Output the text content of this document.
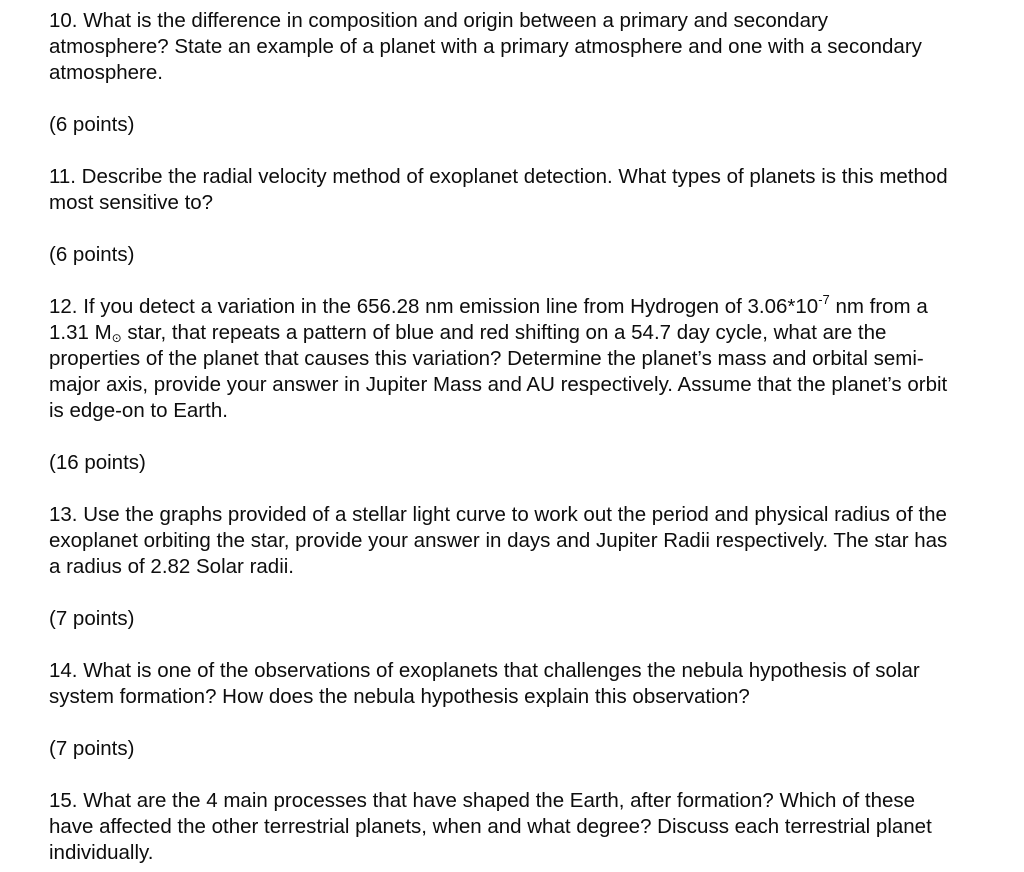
10. What is the difference in composition and origin between a primary and secondary atmosphere? State an example of a planet with a primary atmosphere and one with a secondary atmosphere.

(6 points)

11. Describe the radial velocity method of exoplanet detection. What types of planets is this method most sensitive to?

(6 points)

12. If you detect a variation in the 656.28 nm emission line from Hydrogen of $3.06*10^{-7}$ nm from a 1.31 M⊙ star, that repeats a pattern of blue and red shifting on a 54.7 day cycle, what are the properties of the planet that causes this variation? Determine the planet’s mass and orbital semi-major axis, provide your answer in Jupiter Mass and AU respectively. Assume that the planet’s orbit is edge-on to Earth.

(16 points)

13. Use the graphs provided of a stellar light curve to work out the period and physical radius of the exoplanet orbiting the star, provide your answer in days and Jupiter Radii respectively. The star has a radius of 2.82 Solar radii.

(7 points)

14. What is one of the observations of exoplanets that challenges the nebula hypothesis of solar system formation? How does the nebula hypothesis explain this observation?

(7 points)

15. What are the 4 main processes that have shaped the Earth, after formation? Which of these have affected the other terrestrial planets, when and what degree? Discuss each terrestrial planet individually.
